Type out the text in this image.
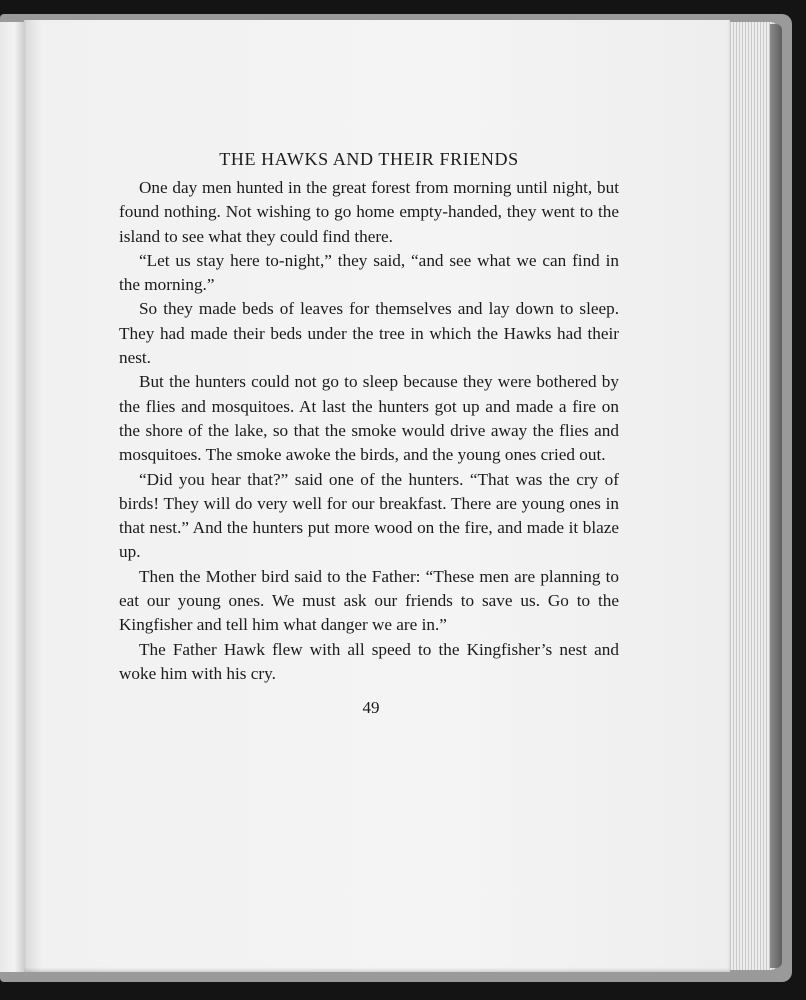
THE HAWKS AND THEIR FRIENDS

One day men hunted in the great forest from morning until night, but found nothing. Not wishing to go home empty-handed, they went to the island to see what they could find there.

“Let us stay here to-night,” they said, “and see what we can find in the morning.”

So they made beds of leaves for themselves and lay down to sleep. They had made their beds under the tree in which the Hawks had their nest.

But the hunters could not go to sleep because they were bothered by the flies and mosquitoes. At last the hunters got up and made a fire on the shore of the lake, so that the smoke would drive away the flies and mosquitoes. The smoke awoke the birds, and the young ones cried out.

“Did you hear that?” said one of the hunters. “That was the cry of birds! They will do very well for our breakfast. There are young ones in that nest.” And the hunters put more wood on the fire, and made it blaze up.

Then the Mother bird said to the Father: “These men are planning to eat our young ones. We must ask our friends to save us. Go to the Kingfisher and tell him what danger we are in.”

The Father Hawk flew with all speed to the Kingfisher’s nest and woke him with his cry.

49
